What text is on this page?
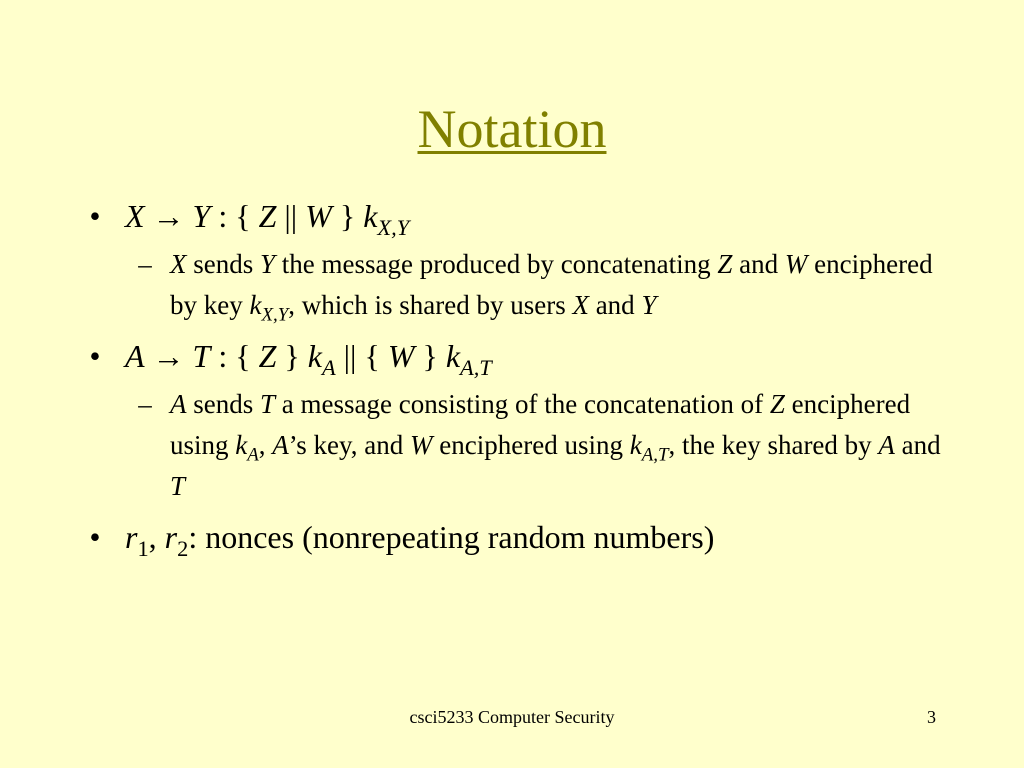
Notation
• X → Y : { Z || W } $k_{X,Y}$
– X sends Y the message produced by concatenating Z and W enciphered by key $k_{X,Y}$, which is shared by users X and Y
• A → T : { Z } $k_A$ || { W } $k_{A,T}$
– A sends T a message consisting of the concatenation of Z enciphered using $k_A$, A’s key, and W enciphered using $k_{A,T}$, the key shared by A and T
• $r_1$, $r_2$: nonces (nonrepeating random numbers)
csci5233 Computer Security	3
